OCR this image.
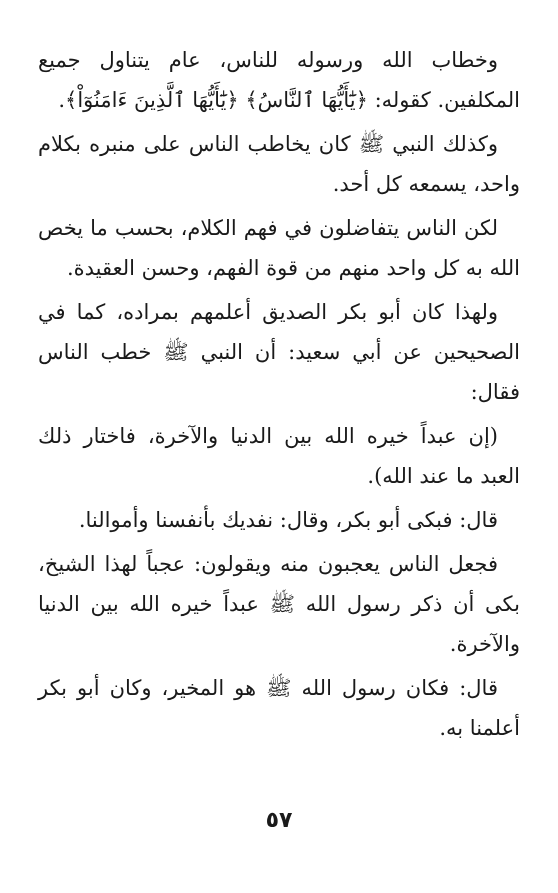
وخطاب الله ورسوله للناس، عام يتناول جميع المكلفين. كقوله: ﴿يَٰٓأَيُّهَا ٱلنَّاسُ﴾ ﴿يَٰٓأَيُّهَا ٱلَّذِينَ ءَامَنُوٓاْ﴾.

وكذلك النبي ﷺ كان يخاطب الناس على منبره بكلام واحد، يسمعه كل أحد.

لكن الناس يتفاضلون في فهم الكلام، بحسب ما يخص الله به كل واحد منهم من قوة الفهم، وحسن العقيدة.

ولهذا كان أبو بكر الصديق أعلمهم بمراده، كما في الصحيحين عن أبي سعيد: أن النبي ﷺ خطب الناس فقال:

(إن عبداً خيره الله بين الدنيا والآخرة، فاختار ذلك العبد ما عند الله).

قال: فبكى أبو بكر، وقال: نفديك بأنفسنا وأموالنا.

فجعل الناس يعجبون منه ويقولون: عجباً لهذا الشيخ، بكى أن ذكر رسول الله ﷺ عبداً خيره الله بين الدنيا والآخرة.

قال: فكان رسول الله ﷺ هو المخير، وكان أبو بكر أعلمنا به.

٥٧
